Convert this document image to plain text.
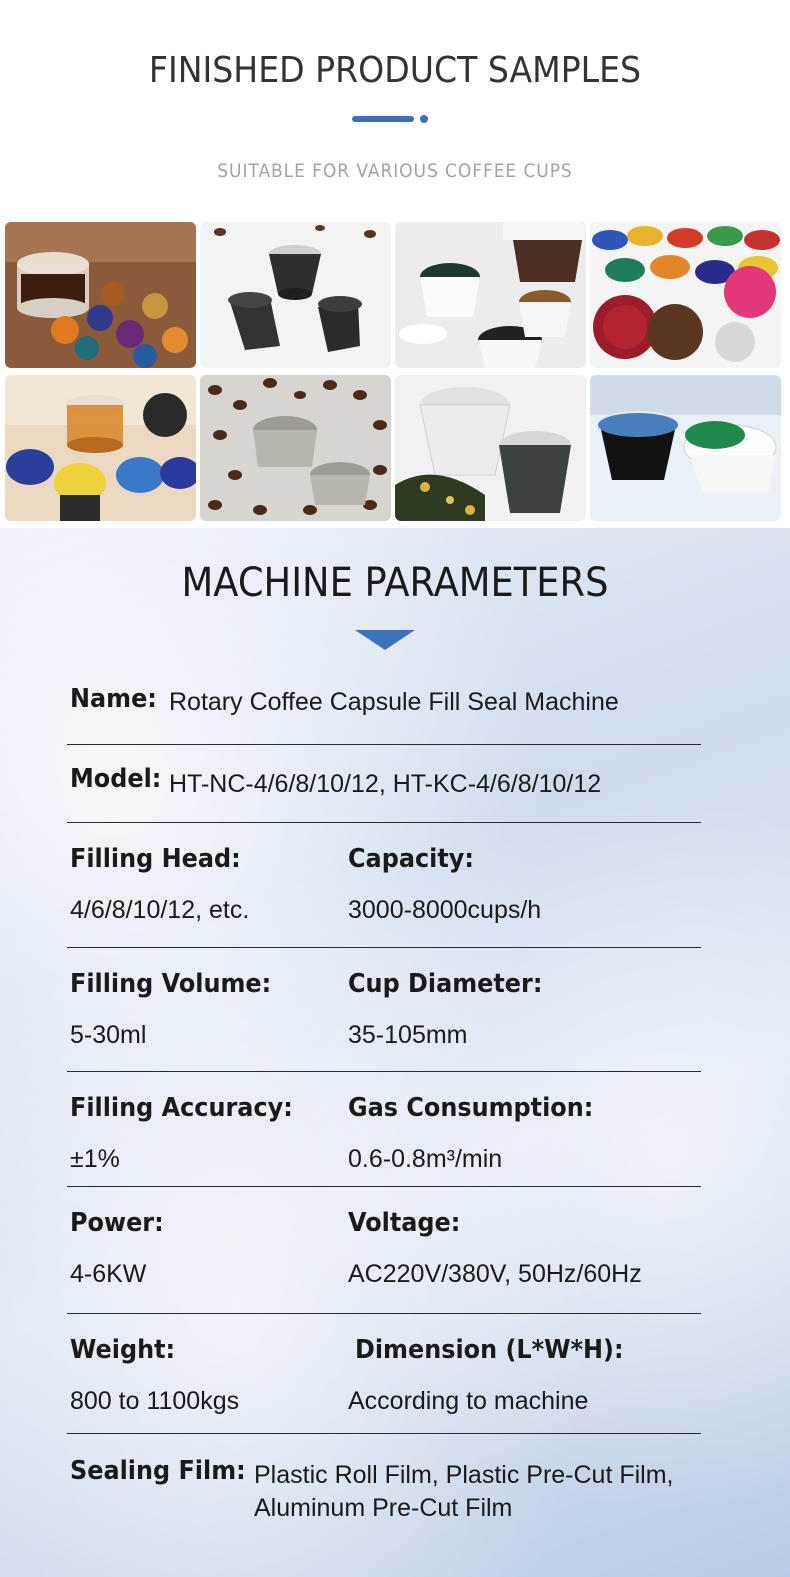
FINISHED PRODUCT SAMPLES
SUITABLE FOR VARIOUS COFFEE CUPS
MACHINE PARAMETERS
Name: Rotary Coffee Capsule Fill Seal Machine
Model: HT-NC-4/6/8/10/12, HT-KC-4/6/8/10/12
Filling Head:
4/6/8/10/12, etc.
Capacity:
3000-8000cups/h
Filling Volume:
5-30ml
Cup Diameter:
35-105mm
Filling Accuracy:
±1%
Gas Consumption:
0.6-0.8m³/min
Power:
4-6KW
Voltage:
AC220V/380V, 50Hz/60Hz
Weight:
800 to 1100kgs
Dimension (L*W*H):
According to machine
Sealing Film: Plastic Roll Film, Plastic Pre-Cut Film,
Aluminum Pre-Cut Film
